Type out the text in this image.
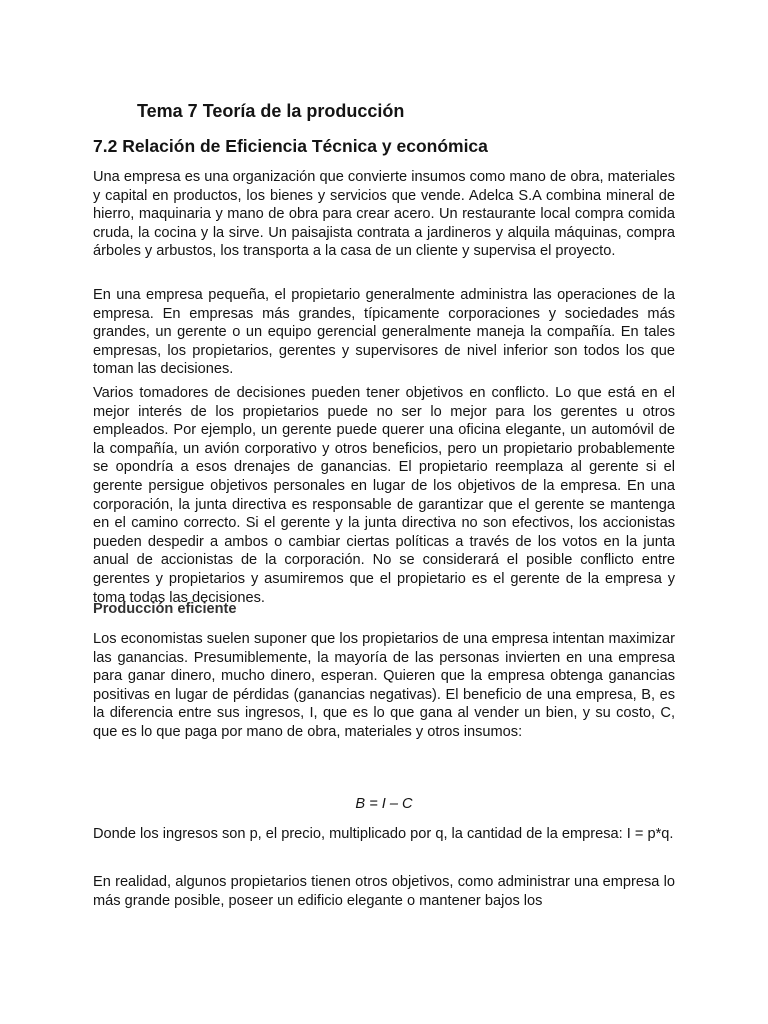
Tema 7 Teoría de la producción
7.2 Relación de Eficiencia Técnica y económica

Una empresa es una organización que convierte insumos como mano de obra, materiales y capital en productos, los bienes y servicios que vende. Adelca S.A combina mineral de hierro, maquinaria y mano de obra para crear acero. Un restaurante local compra comida cruda, la cocina y la sirve. Un paisajista contrata a jardineros y alquila máquinas, compra árboles y arbustos, los transporta a la casa de un cliente y supervisa el proyecto.

En una empresa pequeña, el propietario generalmente administra las operaciones de la empresa. En empresas más grandes, típicamente corporaciones y sociedades más grandes, un gerente o un equipo gerencial generalmente maneja la compañía. En tales empresas, los propietarios, gerentes y supervisores de nivel inferior son todos los que toman las decisiones.

Varios tomadores de decisiones pueden tener objetivos en conflicto. Lo que está en el mejor interés de los propietarios puede no ser lo mejor para los gerentes u otros empleados. Por ejemplo, un gerente puede querer una oficina elegante, un automóvil de la compañía, un avión corporativo y otros beneficios, pero un propietario probablemente se opondría a esos drenajes de ganancias. El propietario reemplaza al gerente si el gerente persigue objetivos personales en lugar de los objetivos de la empresa. En una corporación, la junta directiva es responsable de garantizar que el gerente se mantenga en el camino correcto. Si el gerente y la junta directiva no son efectivos, los accionistas pueden despedir a ambos o cambiar ciertas políticas a través de los votos en la junta anual de accionistas de la corporación. No se considerará el posible conflicto entre gerentes y propietarios y asumiremos que el propietario es el gerente de la empresa y toma todas las decisiones.

Producción eficiente

Los economistas suelen suponer que los propietarios de una empresa intentan maximizar las ganancias. Presumiblemente, la mayoría de las personas invierten en una empresa para ganar dinero, mucho dinero, esperan. Quieren que la empresa obtenga ganancias positivas en lugar de pérdidas (ganancias negativas). El beneficio de una empresa, B, es la diferencia entre sus ingresos, I, que es lo que gana al vender un bien, y su costo, C, que es lo que paga por mano de obra, materiales y otros insumos:

B = I – C

Donde los ingresos son p, el precio, multiplicado por q, la cantidad de la empresa: I = p*q.

En realidad, algunos propietarios tienen otros objetivos, como administrar una empresa lo más grande posible, poseer un edificio elegante o mantener bajos los
